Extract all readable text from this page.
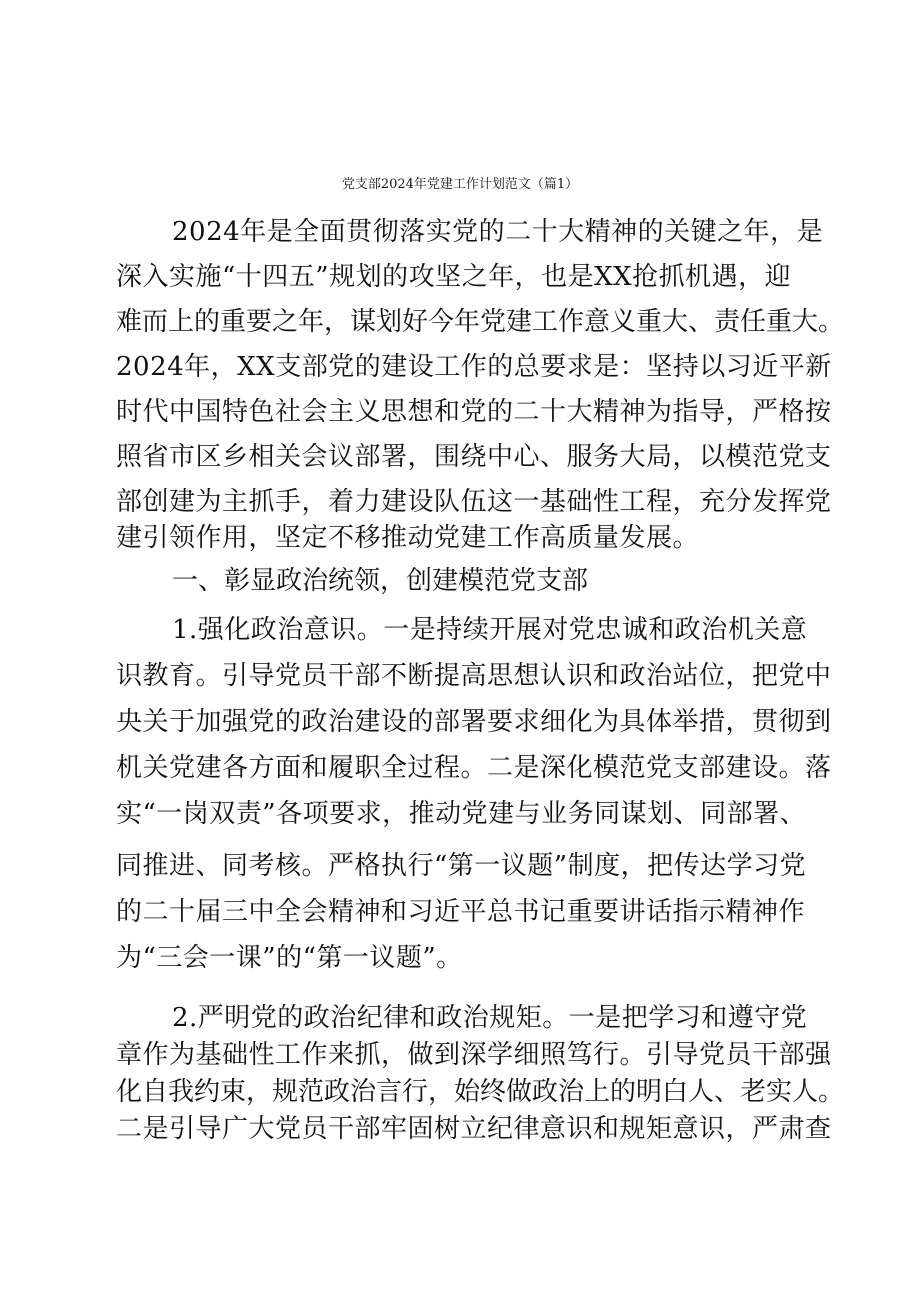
党支部2024年党建工作计划范文（篇1）
2024年是全面贯彻落实党的二十大精神的关键之年，是
深入实施“十四五”规划的攻坚之年，也是XX抢抓机遇，迎
难而上的重要之年，谋划好今年党建工作意义重大、责任重大。
2024年，XX支部党的建设工作的总要求是：坚持以习近平新
时代中国特色社会主义思想和党的二十大精神为指导，严格按
照省市区乡相关会议部署，围绕中心、服务大局，以模范党支
部创建为主抓手，着力建设队伍这一基础性工程，充分发挥党
建引领作用，坚定不移推动党建工作高质量发展。
一、彰显政治统领，创建模范党支部
1.强化政治意识。一是持续开展对党忠诚和政治机关意
识教育。引导党员干部不断提高思想认识和政治站位，把党中
央关于加强党的政治建设的部署要求细化为具体举措，贯彻到
机关党建各方面和履职全过程。二是深化模范党支部建设。落
实“一岗双责”各项要求，推动党建与业务同谋划、同部署、
同推进、同考核。严格执行“第一议题”制度，把传达学习党
的二十届三中全会精神和习近平总书记重要讲话指示精神作
为“三会一课”的“第一议题”。
2.严明党的政治纪律和政治规矩。一是把学习和遵守党
章作为基础性工作来抓，做到深学细照笃行。引导党员干部强
化自我约束，规范政治言行，始终做政治上的明白人、老实人。
二是引导广大党员干部牢固树立纪律意识和规矩意识，严肃查
